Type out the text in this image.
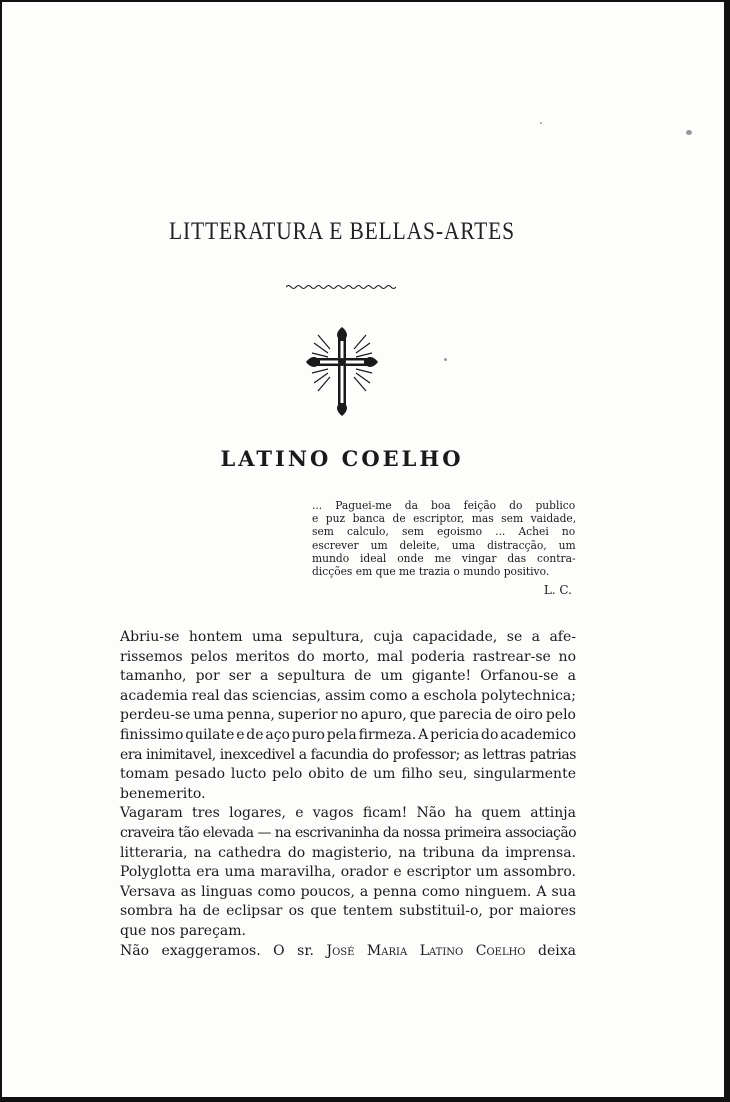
LITTERATURA E BELLAS-ARTES
LATINO COELHO
... Paguei-me da boa feição do publico
e puz banca de escriptor, mas sem vaidade,
sem calculo, sem egoismo ... Achei no
escrever um deleite, uma distracção, um
mundo ideal onde me vingar das contra-
dicções em que me trazia o mundo positivo.
L. C.
Abriu-se hontem uma sepultura, cuja capacidade, se a afe-
rissemos pelos meritos do morto, mal poderia rastrear-se no
tamanho, por ser a sepultura de um gigante! Orfanou-se a
academia real das sciencias, assim como a eschola polytechnica;
perdeu-se uma penna, superior no apuro, que parecia de oiro pelo
finissimo quilate e de aço puro pela firmeza. A pericia do academico
era inimitavel, inexcedivel a facundia do professor; as lettras patrias
tomam pesado lucto pelo obito de um filho seu, singularmente
benemerito.
Vagaram tres logares, e vagos ficam! Não ha quem attinja
craveira tão elevada — na escrivaninha da nossa primeira associação
litteraria, na cathedra do magisterio, na tribuna da imprensa.
Polyglotta era uma maravilha, orador e escriptor um assombro.
Versava as linguas como poucos, a penna como ninguem. A sua
sombra ha de eclipsar os que tentem substituil-o, por maiores
que nos pareçam.
Não exaggeramos. O sr. José Maria Latino Coelho deixa
